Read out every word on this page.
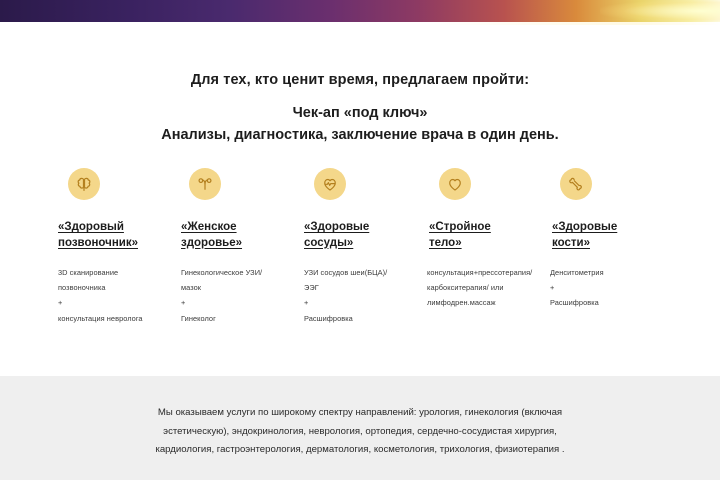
Для тех, кто ценит время, предлагаем пройти:
Чек-ап «под ключ»
Анализы, диагностика, заключение врача в один день.
«Здоровый
позвоночник»
3D сканирование
позвоночника
+
консультация невролога
«Женское
здоровье»
Гинекологическое УЗИ/
мазок
+
Гинеколог
«Здоровые
сосуды»
УЗИ сосудов шеи(БЦА)/
ЭЭГ
+
Расшифровка
«Стройное
тело»
консультация+прессотерапия/
карбокситерапия/ или
лимфодрен.массаж
«Здоровые
кости»
Денситометрия
+
Расшифровка
Мы оказываем услуги по широкому спектру направлений: урология, гинекология (включая
эстетическую), эндокринология, неврология, ортопедия, сердечно-сосудистая хирургия,
кардиология, гастроэнтерология, дерматология, косметология, трихология, физиотерапия .
